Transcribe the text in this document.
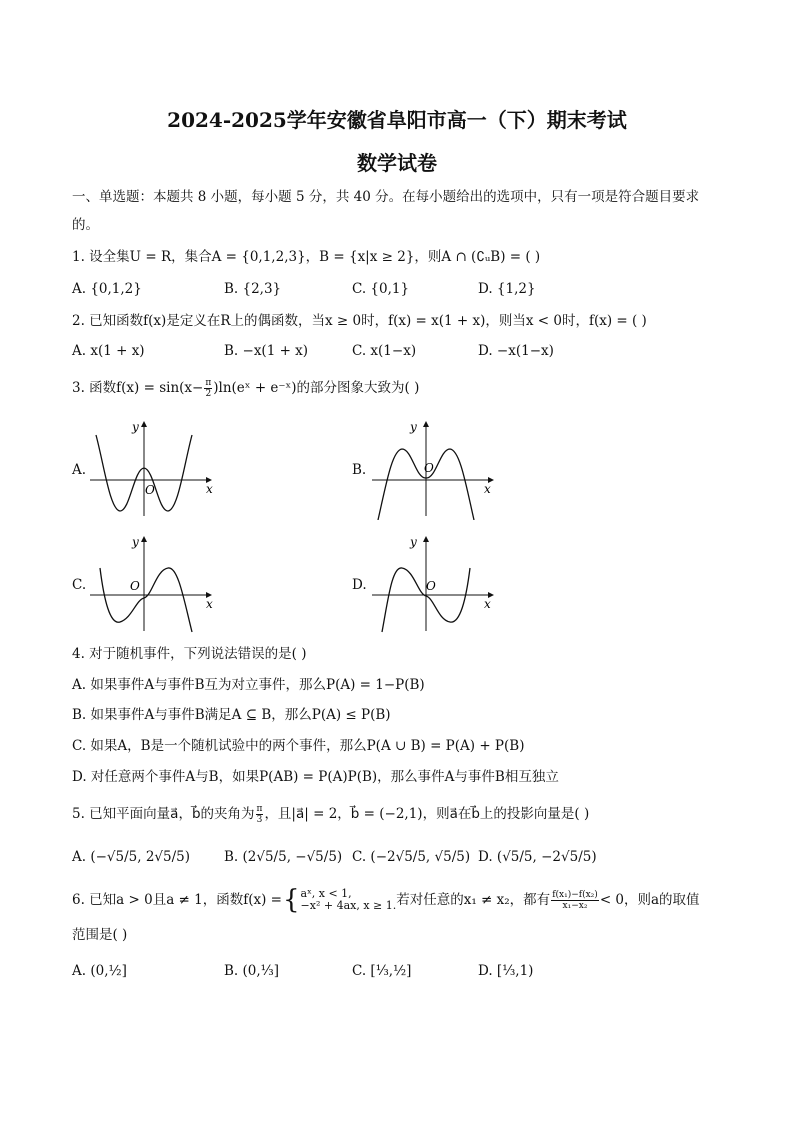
2024-2025学年安徽省阜阳市高一（下）期末考试
数学试卷
一、单选题：本题共 8 小题，每小题 5 分，共 40 分。在每小题给出的选项中，只有一项是符合题目要求
的。
1. 设全集U = R，集合A = {0,1,2,3}，B = {x|x ≥ 2}，则A ∩ (∁ᵤB) = ( )
A. {0,1,2}	B. {2,3}	C. {0,1}	D. {1,2}
2. 已知函数f(x)是定义在R上的偶函数，当x ≥ 0时，f(x) = x(1 + x)，则当x < 0时，f(x) = ( )
A. x(1 + x)	B. −x(1 + x)	C. x(1−x)	D. −x(1−x)
3. 函数$f(x) = \sin(x- \frac{\pi}{2}$ )ln(eˣ + e⁻ˣ)的部分图象大致为( )
A.	B.
C.	D.
x
y
O	x
y
O
x
y
O
x
y
O
4. 对于随机事件，下列说法错误的是( )
A. 如果事件A与事件B互为对立事件，那么P(A) = 1−P(B)
B. 如果事件A与事件B满足A ⊆ B，那么P(A) ≤ P(B)
C. 如果A，B是一个随机试验中的两个事件，那么P(A ∪ B) = P(A) + P(B)
D. 对任意两个事件A与B，如果P(AB) = P(A)P(B)，那么事件A与事件B相互独立
5. 已知平面向量a⃗，b⃗的夹角为 $\frac{\pi}{3}$ ，且|a⃗| = 2，b⃗ = (−2,1)，则a⃗在b⃗上的投影向量是( )
A. (−√5/5, 2√5/5)	B. (2√5/5, −√5/5) C. (−2√5/5, √5/5) D. (√5/5, −2√5/5)
6. 已知a > 0且a ≠ 1，函数f(x) = { aˣ, x < 1,
−x² + 4ax, x ≥ 1. 若对任意的x₁ ≠ x₂，都有 $\frac{\text{f(x₁)−f(x₂)}}{\text{x₁−x₂}} < 0$，则a的取值
范围是( )
A. (0,½]	B. (0,⅓]	C. [⅓,½]	D. [⅓,1)
